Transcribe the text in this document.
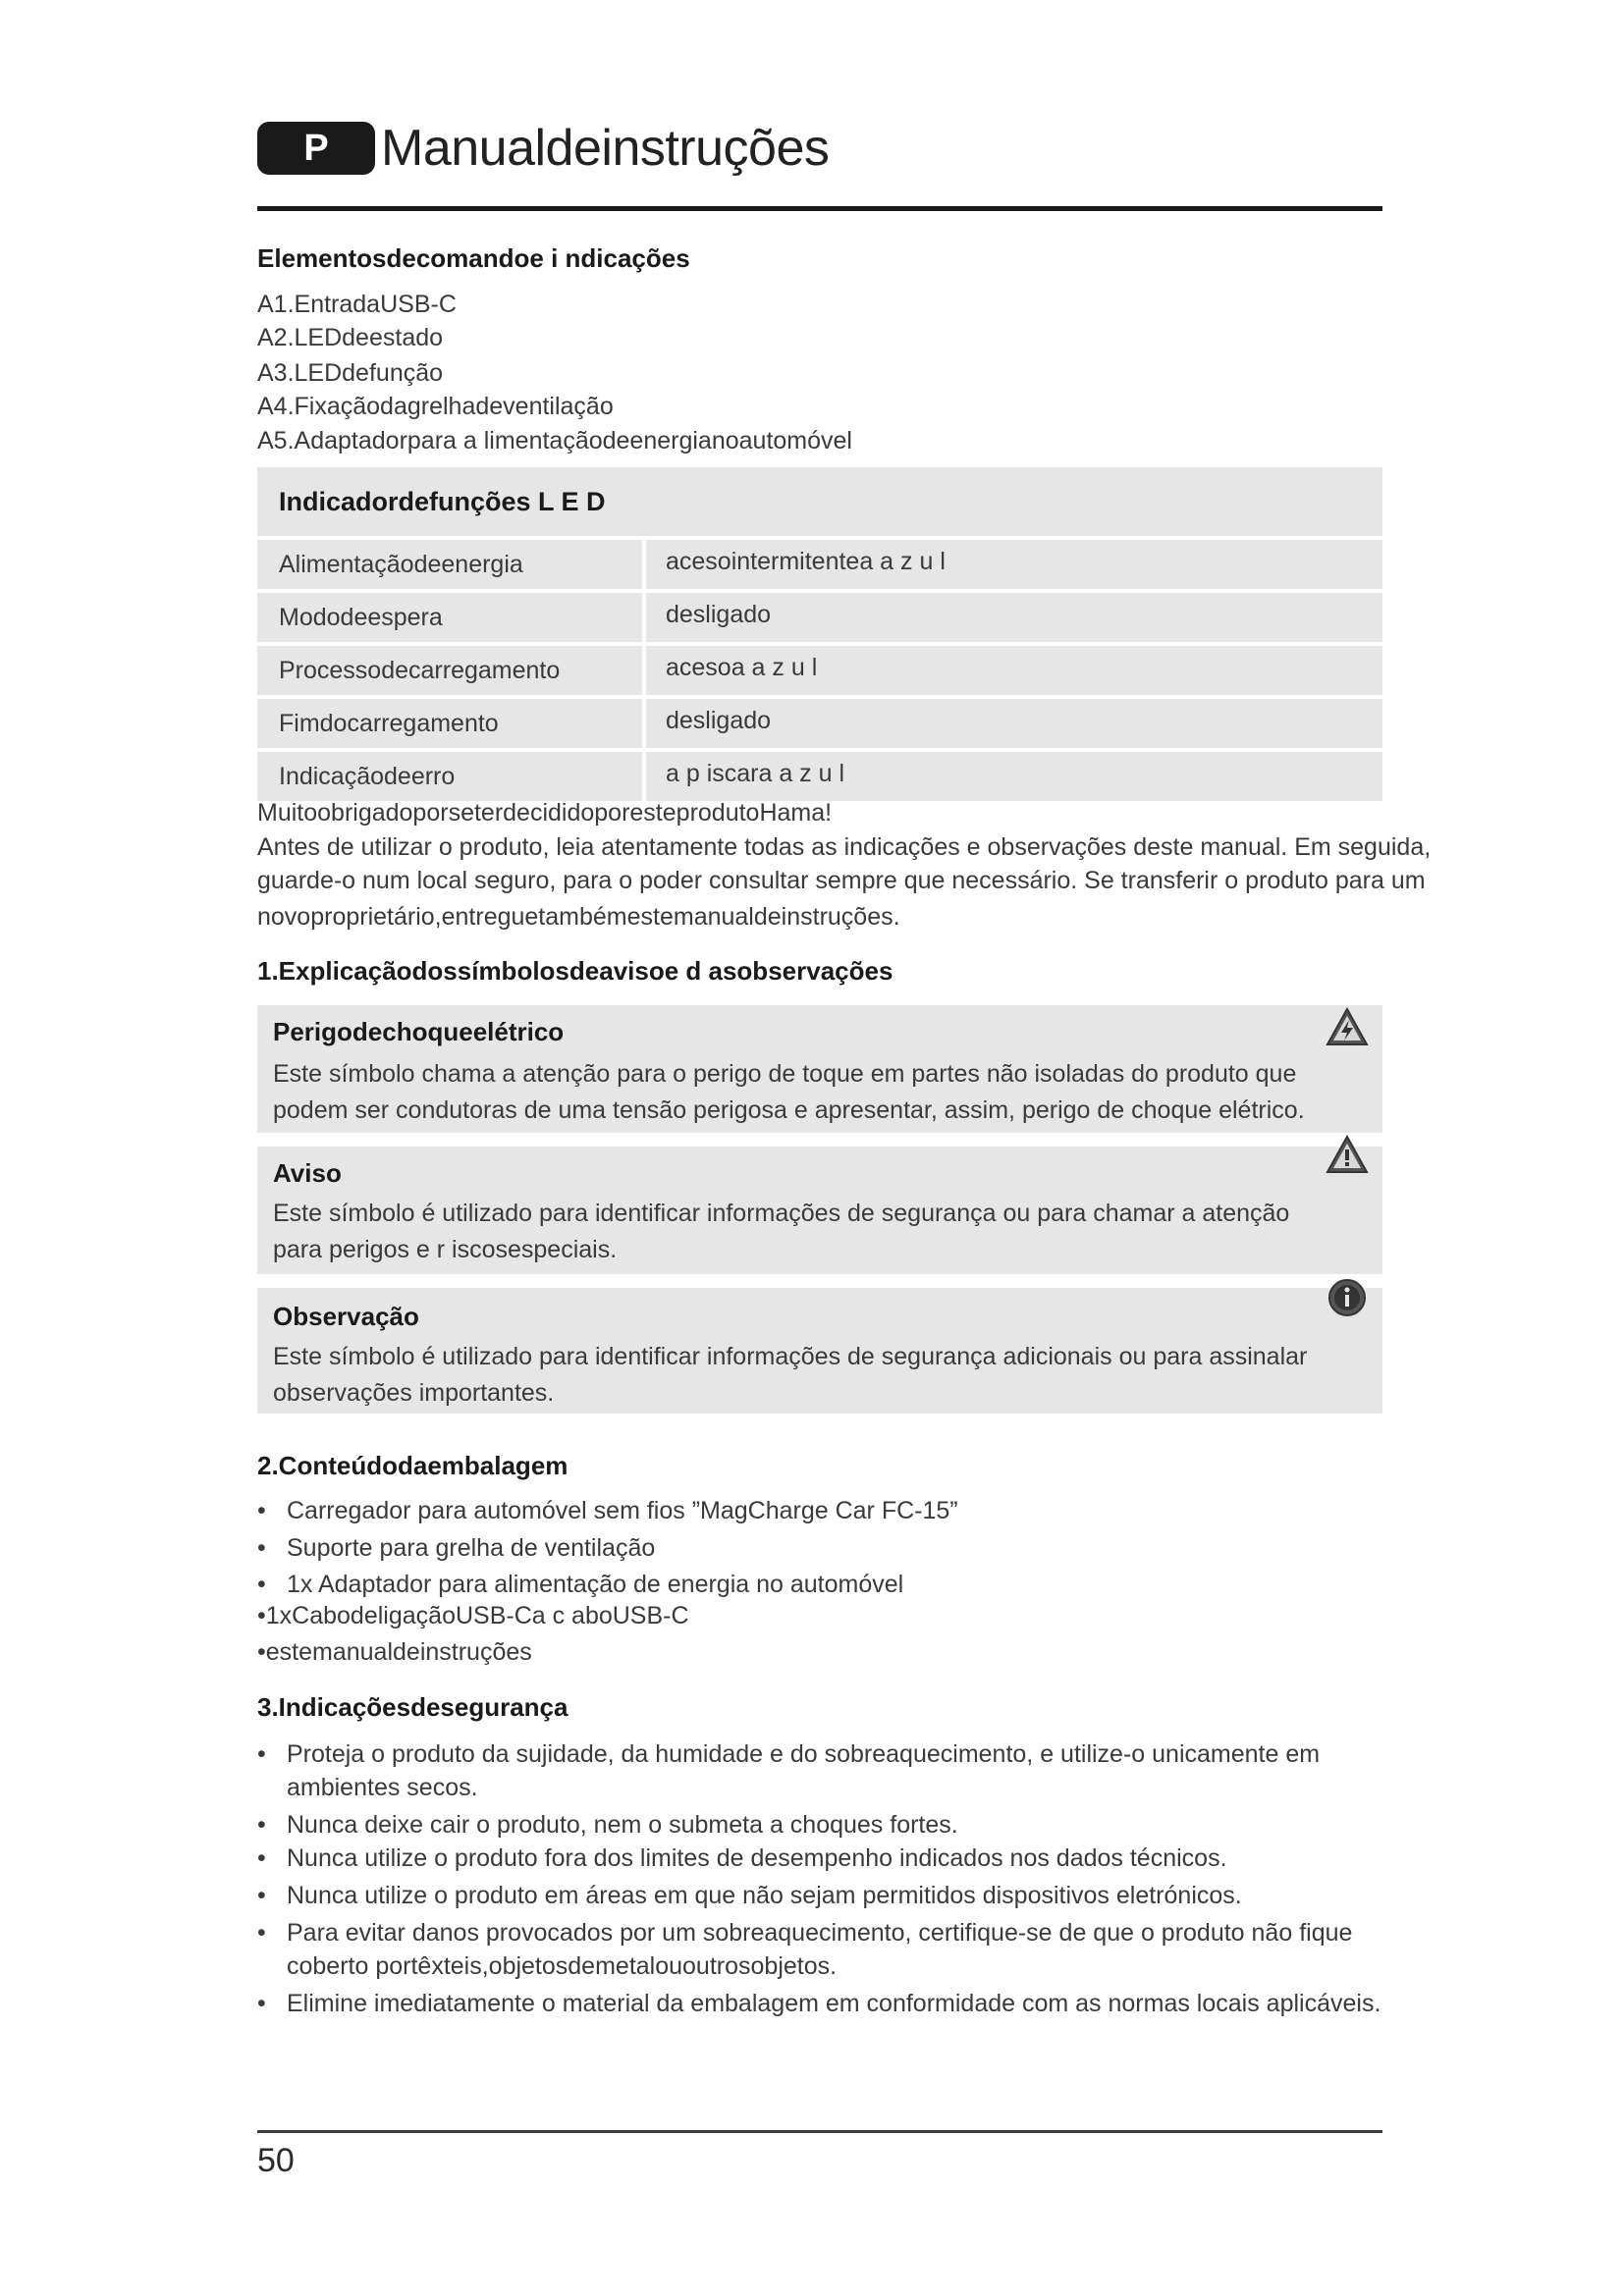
P	Manualdeinstruções
Elementosdecomandoe i ndicações
A1.EntradaUSB-C
A2.LEDdeestado
A3.LEDdefunção
A4.Fixaçãodagrelhadeventilação
A5.Adaptadorpara a limentaçãodeenergianoautomóvel
Indicadordefunções L E D
Alimentaçãodeenergia	acesointermitentea a z u l
Mododeespera	desligado
Processodecarregamento	acesoa a z u l
Fimdocarregamento	desligado
Indicaçãodeerro	a p iscara a z u l
MuitoobrigadoporseterdecididoporesteprodutoHama!
Antes de utilizar o produto, leia atentamente todas as indicações e observações deste manual. Em seguida,
guarde-o num local seguro, para o poder consultar sempre que necessário. Se transferir o produto para um
novoproprietário,entreguetambémestemanualdeinstruções.
1.Explicaçãodossímbolosdeavisoe d asobservações
Perigodechoqueelétrico
Este símbolo chama a atenção para o perigo de toque em partes não isoladas do produto que podem ser condutoras de uma tensão perigosa e apresentar, assim, perigo de choque elétrico.
Aviso
Este símbolo é utilizado para identificar informações de segurança ou para chamar a atenção para perigos e r iscosespeciais.
Observação
Este símbolo é utilizado para identificar informações de segurança adicionais ou para assinalar observações importantes.
2.Conteúdodaembalagem
• Carregador para automóvel sem fios ”MagCharge Car FC-15”
• Suporte para grelha de ventilação
• 1x Adaptador para alimentação de energia no automóvel
•1xCabodeligaçãoUSB-Ca c aboUSB-C
•estemanualdeinstruções
3.Indicaçõesdesegurança
• Proteja o produto da sujidade, da humidade e do sobreaquecimento, e utilize-o unicamente em ambientes secos.
• Nunca deixe cair o produto, nem o submeta a choques fortes.
• Nunca utilize o produto fora dos limites de desempenho indicados nos dados técnicos.
• Nunca utilize o produto em áreas em que não sejam permitidos dispositivos eletrónicos.
• Para evitar danos provocados por um sobreaquecimento, certifique-se de que o produto não fique coberto portêxteis,objetosdemetalououtrosobjetos.
• Elimine imediatamente o material da embalagem em conformidade com as normas locais aplicáveis.
50
